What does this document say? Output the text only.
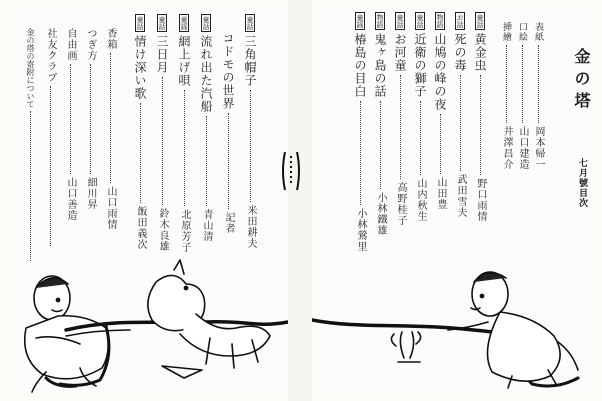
童話
三角帽子
米田耕夫
コドモの世界
記者
童話
流れ出た汽船
青山清
童謡
網上げ唄
北原芳子
童話
三日月
鈴木良雄
童話
情け深い歌
飯田義次
香箱
山口雨情
つぎ方
細川昇
自由画
山口善造
社友クラブ
金の塔の寄附について	金の塔
七月號目次
表紙
岡本帰一
口絵
山口建造
挿繪
井澤昌介
童話
黄金虫
野口雨情
お話
死の毒
武田雪夫
物語
山鳩の峰の夜
山田豊
童話
近衛の獅子
山内秋生
童話
お河童
高野桂子
物語
鬼ヶ島の話
小林鐵雄
童謡
椿島の目白
小林鶯里
